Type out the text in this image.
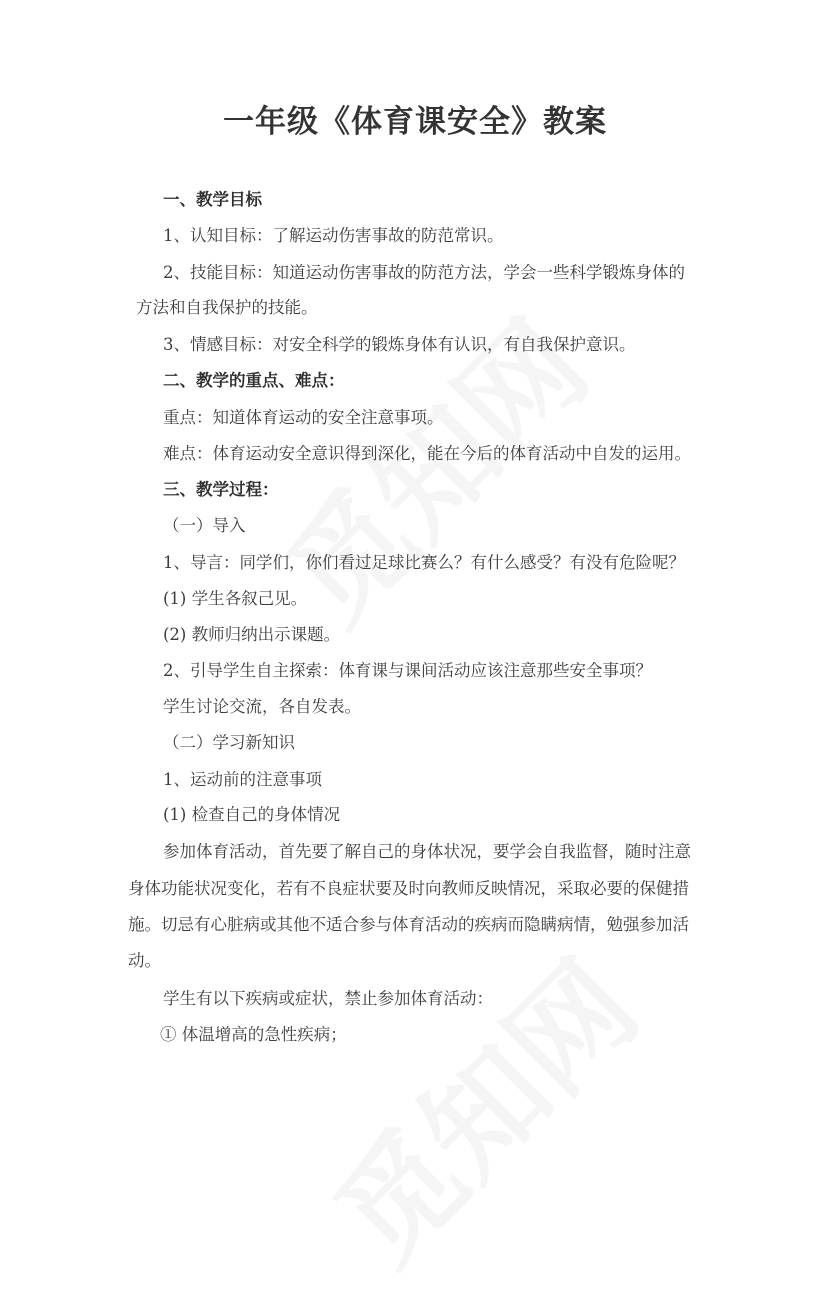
一年级《体育课安全》教案
一、教学目标
1、认知目标：了解运动伤害事故的防范常识。
2、技能目标：知道运动伤害事故的防范方法，学会一些科学锻炼身体的
方法和自我保护的技能。
3、情感目标：对安全科学的锻炼身体有认识，有自我保护意识。
二、教学的重点、难点：
重点：知道体育运动的安全注意事项。
难点：体育运动安全意识得到深化，能在今后的体育活动中自发的运用。
三、教学过程：
（一）导入
1、导言：同学们，你们看过足球比赛么？有什么感受？有没有危险呢？
(1) 学生各叙己见。
(2) 教师归纳出示课题。
2、引导学生自主探索：体育课与课间活动应该注意那些安全事项？
学生讨论交流，各自发表。
（二）学习新知识
1、运动前的注意事项
(1) 检查自己的身体情况
参加体育活动，首先要了解自己的身体状况，要学会自我监督，随时注意
身体功能状况变化，若有不良症状要及时向教师反映情况，采取必要的保健措
施。切忌有心脏病或其他不适合参与体育活动的疾病而隐瞒病情，勉强参加活
动。
学生有以下疾病或症状，禁止参加体育活动：
① 体温增高的急性疾病；
